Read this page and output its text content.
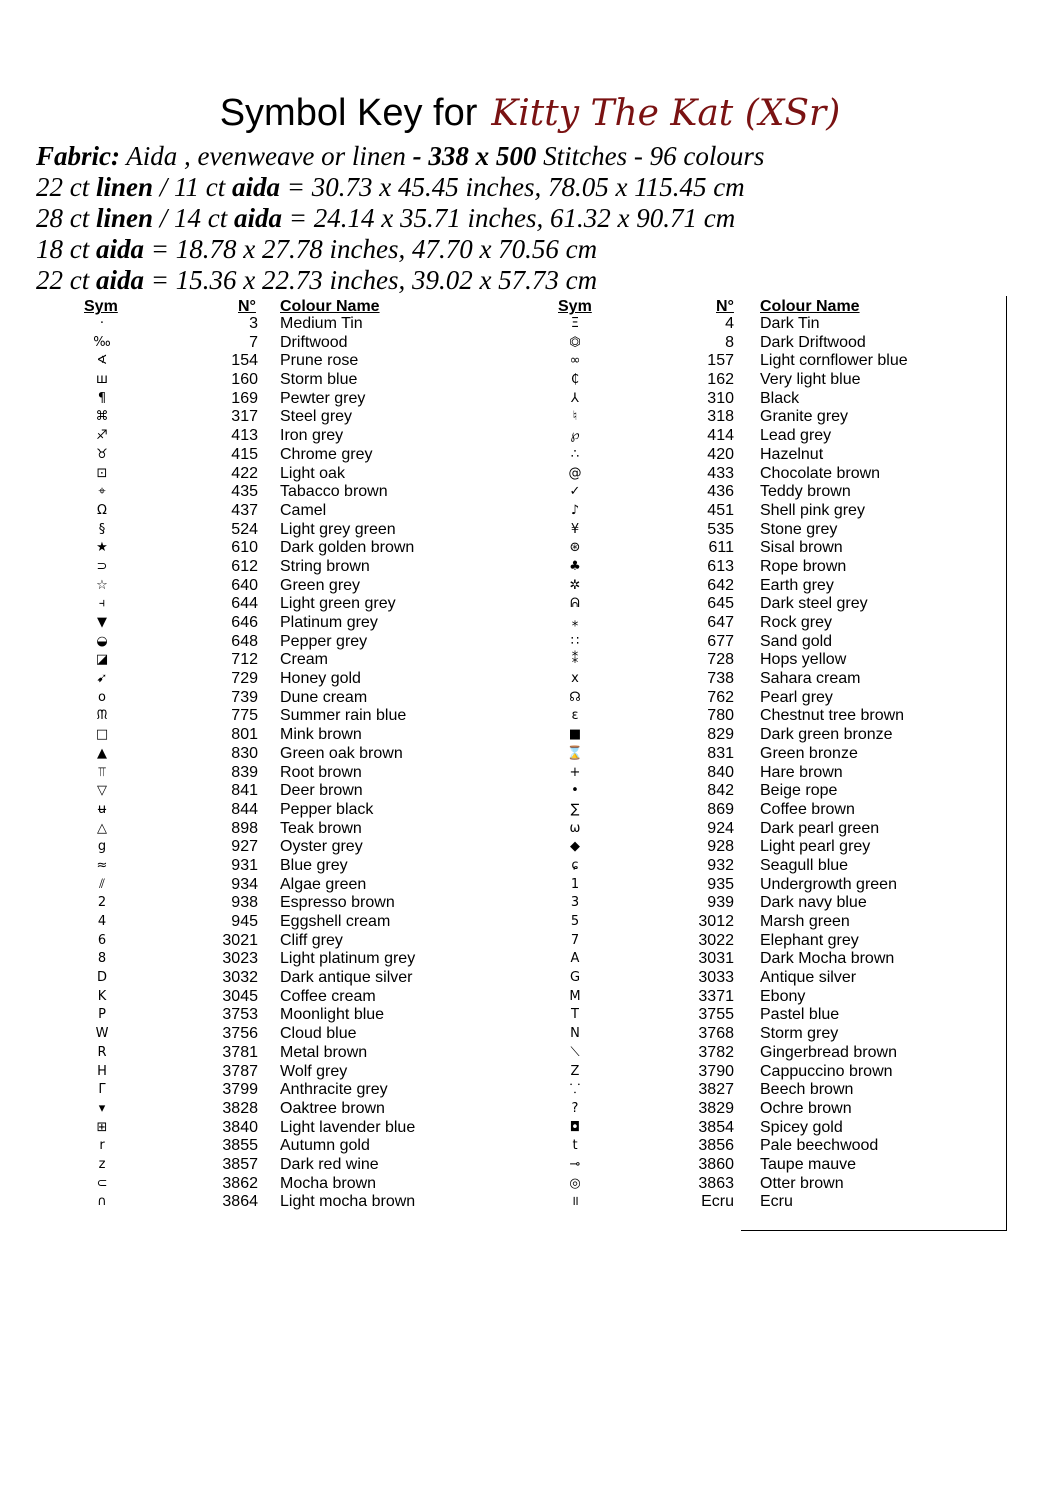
Symbol Key for Kitty The Kat (XSr)
Fabric: Aida , evenweave or linen - 338 x 500 Stitches - 96 colours
22 ct linen / 11 ct aida = 30.73 x 45.45 inches, 78.05 x 115.45 cm
28 ct linen / 14 ct aida = 24.14 x 35.71 inches, 61.32 x 90.71 cm
18 ct aida = 18.78 x 27.78 inches, 47.70 x 70.56 cm
22 ct aida = 15.36 x 22.73 inches, 39.02 x 57.73 cm
Sym	N° Colour Name
·	3 Medium Tin
‰	7 Driftwood
∢	154 Prune rose
ш	160 Storm blue
¶	169 Pewter grey
⌘	317 Steel grey
♐	413 Iron grey
♉	415 Chrome grey
⊡	422 Light oak
⌖	435 Tabacco brown
Ω	437 Camel
§	524 Light grey green
★	610 Dark golden brown
⊃	612 String brown
☆	640 Green grey
⫞	644 Light green grey
▼	646 Platinum grey
◒	648 Pepper grey
◪	712 Cream
➹	729 Honey gold
o	739 Dune cream
ᙏ	775 Summer rain blue
□	801 Mink brown
▲	830 Green oak brown
⫪	839 Root brown
▽	841 Deer brown
ʉ	844 Pepper black
△	898 Teak brown
g	927 Oyster grey
≈	931 Blue grey
⫽	934 Algae green
2	938 Espresso brown
4	945 Eggshell cream
6	3021 Cliff grey
8	3023 Light platinum grey
D	3032 Dark antique silver
K	3045 Coffee cream
P	3753 Moonlight blue
W	3756 Cloud blue
R	3781 Metal brown
H	3787 Wolf grey
Γ	3799 Anthracite grey
▾	3828 Oaktree brown
⊞	3840 Light lavender blue
r	3855 Autumn gold
z	3857 Dark red wine
⊂	3862 Mocha brown
∩	3864 Light mocha brown
Sym	N° Colour Name
Ξ	4 Dark Tin
⏣	8 Dark Driftwood
∞	157 Light cornflower blue
₵	162 Very light blue
⅄	310 Black
♮	318 Granite grey
℘	414 Lead grey
∴	420 Hazelnut
@	433 Chocolate brown
✓	436 Teddy brown
♪	451 Shell pink grey
¥	535 Stone grey
⊛	611 Sisal brown
♣	613 Rope brown
✲	642 Earth grey
ᕱ	645 Dark steel grey
⁎	647 Rock grey
∷	677 Sand gold
⁑	728 Hops yellow
x	738 Sahara cream
☊	762 Pearl grey
ɛ	780 Chestnut tree brown
■	829 Dark green bronze
⌛	831 Green bronze
+	840 Hare brown
•	842 Beige rope
∑	869 Coffee brown
ω	924 Dark pearl green
◆	928 Light pearl grey
ɕ	932 Seagull blue
1	935 Undergrowth green
3	939 Dark navy blue
5	3012 Marsh green
7	3022 Elephant grey
A	3031 Dark Mocha brown
G	3033 Antique silver
M	3371 Ebony
T	3755 Pastel blue
N	3768 Storm grey
⟍	3782 Gingerbread brown
Z	3790 Cappuccino brown
⸪	3827 Beech brown
?	3829 Ochre brown
◘	3854 Spicey gold
t	3856 Pale beechwood
⊸	3860 Taupe mauve
◎	3863 Otter brown
॥	Ecru Ecru
